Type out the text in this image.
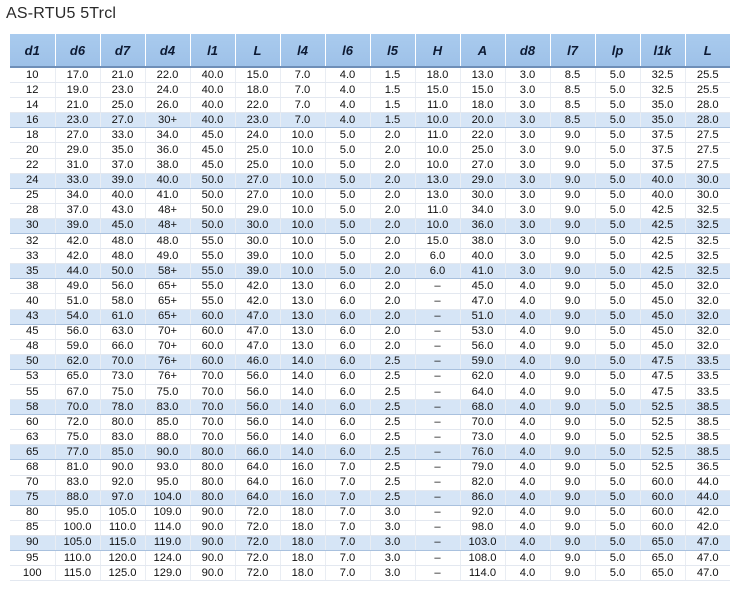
AS-RTU5 5Trcl
d1	d6	d7	d4	l1	L	l4	l6	l5	H	A	d8	l7	lp	l1k	L
10	17.0	21.0	22.0	40.0	15.0	7.0	4.0	1.5	18.0	13.0	3.0	8.5	5.0	32.5	25.5
12	19.0	23.0	24.0	40.0	18.0	7.0	4.0	1.5	15.0	15.0	3.0	8.5	5.0	32.5	25.5
14	21.0	25.0	26.0	40.0	22.0	7.0	4.0	1.5	11.0	18.0	3.0	8.5	5.0	35.0	28.0
16	23.0	27.0	30+	40.0	23.0	7.0	4.0	1.5	10.0	20.0	3.0	8.5	5.0	35.0	28.0
18	27.0	33.0	34.0	45.0	24.0	10.0	5.0	2.0	11.0	22.0	3.0	9.0	5.0	37.5	27.5
20	29.0	35.0	36.0	45.0	25.0	10.0	5.0	2.0	10.0	25.0	3.0	9.0	5.0	37.5	27.5
22	31.0	37.0	38.0	45.0	25.0	10.0	5.0	2.0	10.0	27.0	3.0	9.0	5.0	37.5	27.5
24	33.0	39.0	40.0	50.0	27.0	10.0	5.0	2.0	13.0	29.0	3.0	9.0	5.0	40.0	30.0
25	34.0	40.0	41.0	50.0	27.0	10.0	5.0	2.0	13.0	30.0	3.0	9.0	5.0	40.0	30.0
28	37.0	43.0	48+	50.0	29.0	10.0	5.0	2.0	11.0	34.0	3.0	9.0	5.0	42.5	32.5
30	39.0	45.0	48+	50.0	30.0	10.0	5.0	2.0	10.0	36.0	3.0	9.0	5.0	42.5	32.5
32	42.0	48.0	48.0	55.0	30.0	10.0	5.0	2.0	15.0	38.0	3.0	9.0	5.0	42.5	32.5
33	42.0	48.0	49.0	55.0	39.0	10.0	5.0	2.0	6.0	40.0	3.0	9.0	5.0	42.5	32.5
35	44.0	50.0	58+	55.0	39.0	10.0	5.0	2.0	6.0	41.0	3.0	9.0	5.0	42.5	32.5
38	49.0	56.0	65+	55.0	42.0	13.0	6.0	2.0	–	45.0	4.0	9.0	5.0	45.0	32.0
40	51.0	58.0	65+	55.0	42.0	13.0	6.0	2.0	–	47.0	4.0	9.0	5.0	45.0	32.0
43	54.0	61.0	65+	60.0	47.0	13.0	6.0	2.0	–	51.0	4.0	9.0	5.0	45.0	32.0
45	56.0	63.0	70+	60.0	47.0	13.0	6.0	2.0	–	53.0	4.0	9.0	5.0	45.0	32.0
48	59.0	66.0	70+	60.0	47.0	13.0	6.0	2.0	–	56.0	4.0	9.0	5.0	45.0	32.0
50	62.0	70.0	76+	60.0	46.0	14.0	6.0	2.5	–	59.0	4.0	9.0	5.0	47.5	33.5
53	65.0	73.0	76+	70.0	56.0	14.0	6.0	2.5	–	62.0	4.0	9.0	5.0	47.5	33.5
55	67.0	75.0	75.0	70.0	56.0	14.0	6.0	2.5	–	64.0	4.0	9.0	5.0	47.5	33.5
58	70.0	78.0	83.0	70.0	56.0	14.0	6.0	2.5	–	68.0	4.0	9.0	5.0	52.5	38.5
60	72.0	80.0	85.0	70.0	56.0	14.0	6.0	2.5	–	70.0	4.0	9.0	5.0	52.5	38.5
63	75.0	83.0	88.0	70.0	56.0	14.0	6.0	2.5	–	73.0	4.0	9.0	5.0	52.5	38.5
65	77.0	85.0	90.0	80.0	66.0	14.0	6.0	2.5	–	76.0	4.0	9.0	5.0	52.5	38.5
68	81.0	90.0	93.0	80.0	64.0	16.0	7.0	2.5	–	79.0	4.0	9.0	5.0	52.5	36.5
70	83.0	92.0	95.0	80.0	64.0	16.0	7.0	2.5	–	82.0	4.0	9.0	5.0	60.0	44.0
75	88.0	97.0	104.0	80.0	64.0	16.0	7.0	2.5	–	86.0	4.0	9.0	5.0	60.0	44.0
80	95.0	105.0	109.0	90.0	72.0	18.0	7.0	3.0	–	92.0	4.0	9.0	5.0	60.0	42.0
85	100.0	110.0	114.0	90.0	72.0	18.0	7.0	3.0	–	98.0	4.0	9.0	5.0	60.0	42.0
90	105.0	115.0	119.0	90.0	72.0	18.0	7.0	3.0	–	103.0	4.0	9.0	5.0	65.0	47.0
95	110.0	120.0	124.0	90.0	72.0	18.0	7.0	3.0	–	108.0	4.0	9.0	5.0	65.0	47.0
100	115.0	125.0	129.0	90.0	72.0	18.0	7.0	3.0	–	114.0	4.0	9.0	5.0	65.0	47.0
